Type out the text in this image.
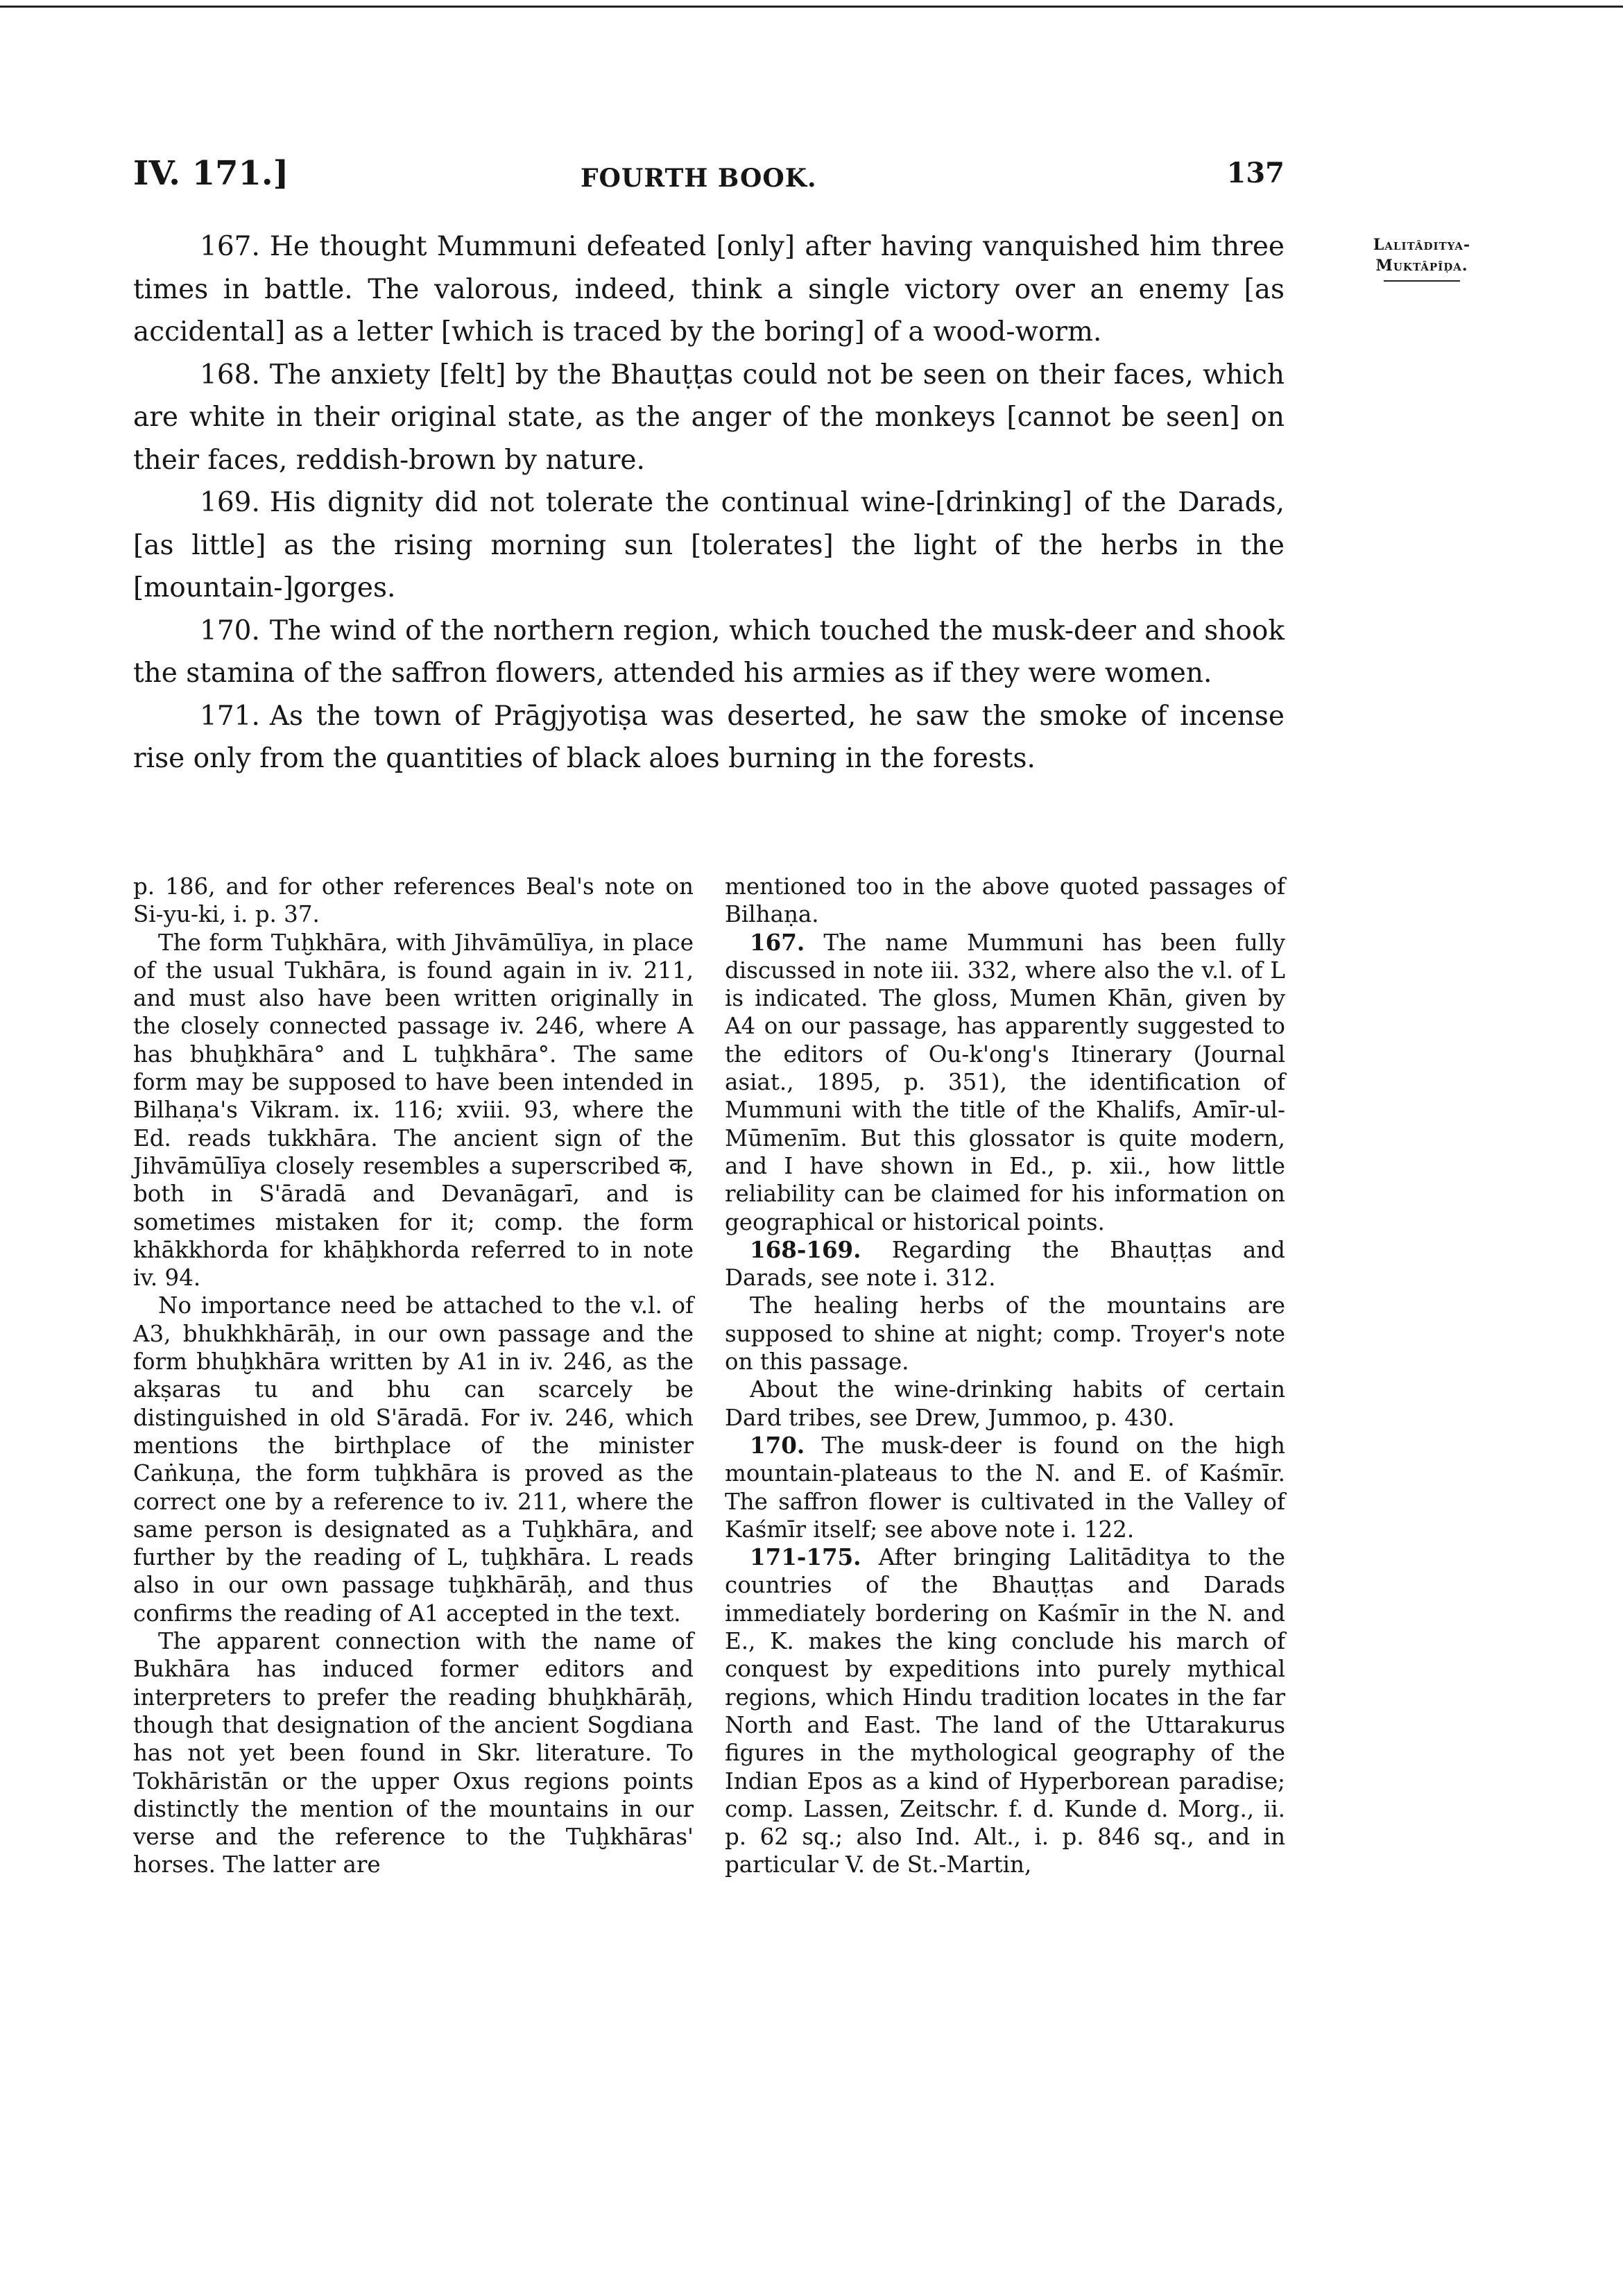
IV. 171.]	FOURTH BOOK.	137
Lalitâditya-
Muktâpîḍa.

167. He thought Mummuni defeated [only] after having vanquished him three times in battle. The valorous, indeed, think a single victory over an enemy [as accidental] as a letter [which is traced by the boring] of a wood-worm.

168. The anxiety [felt] by the Bhauṭṭas could not be seen on their faces, which are white in their original state, as the anger of the monkeys [cannot be seen] on their faces, reddish-brown by nature.

169. His dignity did not tolerate the continual wine-[drinking] of the Darads, [as little] as the rising morning sun [tolerates] the light of the herbs in the [mountain-]gorges.

170. The wind of the northern region, which touched the musk-deer and shook the stamina of the saffron flowers, attended his armies as if they were women.

171. As the town of Prāgjyotiṣa was deserted, he saw the smoke of incense rise only from the quantities of black aloes burning in the forests.

p. 186, and for other references Beal's note on Si-yu-ki, i. p. 37.

The form Tuḫkhāra, with Jihvāmūlīya, in place of the usual Tukhāra, is found again in iv. 211, and must also have been written originally in the closely connected passage iv. 246, where A has bhuḫkhāra° and L tuḫkhāra°. The same form may be supposed to have been intended in Bilhaṇa's Vikram. ix. 116; xviii. 93, where the Ed. reads tukkhāra. The ancient sign of the Jihvāmūlīya closely resembles a superscribed क, both in S'āradā and Devanāgarī, and is sometimes mistaken for it; comp. the form khākkhorda for khāḫkhorda referred to in note iv. 94.

No importance need be attached to the v.l. of A3, bhukhkhārāḥ, in our own passage and the form bhuḫkhāra written by A1 in iv. 246, as the akṣaras tu and bhu can scarcely be distinguished in old S'āradā. For iv. 246, which mentions the birthplace of the minister Caṅkuṇa, the form tuḫkhāra is proved as the correct one by a reference to iv. 211, where the same person is designated as a Tuḫkhāra, and further by the reading of L, tuḫkhāra. L reads also in our own passage tuḫkhārāḥ, and thus confirms the reading of A1 accepted in the text.

The apparent connection with the name of Bukhāra has induced former editors and interpreters to prefer the reading bhuḫkhārāḥ, though that designation of the ancient Sogdiana has not yet been found in Skr. literature. To Tokhāristān or the upper Oxus regions points distinctly the mention of the mountains in our verse and the reference to the Tuḫkhāras' horses. The latter are

mentioned too in the above quoted passages of Bilhaṇa.

167. The name Mummuni has been fully discussed in note iii. 332, where also the v.l. of L is indicated. The gloss, Mumen Khān, given by A4 on our passage, has apparently suggested to the editors of Ou-k'ong's Itinerary (Journal asiat., 1895, p. 351), the identification of Mummuni with the title of the Khalifs, Amīr-ul-Mūmenīm. But this glossator is quite modern, and I have shown in Ed., p. xii., how little reliability can be claimed for his information on geographical or historical points.

168-169. Regarding the Bhauṭṭas and Darads, see note i. 312.

The healing herbs of the mountains are supposed to shine at night; comp. Troyer's note on this passage.

About the wine-drinking habits of certain Dard tribes, see Drew, Jummoo, p. 430.

170. The musk-deer is found on the high mountain-plateaus to the N. and E. of Kaśmīr. The saffron flower is cultivated in the Valley of Kaśmīr itself; see above note i. 122.

171-175. After bringing Lalitāditya to the countries of the Bhauṭṭas and Darads immediately bordering on Kaśmīr in the N. and E., K. makes the king conclude his march of conquest by expeditions into purely mythical regions, which Hindu tradition locates in the far North and East. The land of the Uttarakurus figures in the mythological geography of the Indian Epos as a kind of Hyperborean paradise; comp. Lassen, Zeitschr. f. d. Kunde d. Morg., ii. p. 62 sq.; also Ind. Alt., i. p. 846 sq., and in particular V. de St.-Martin,
